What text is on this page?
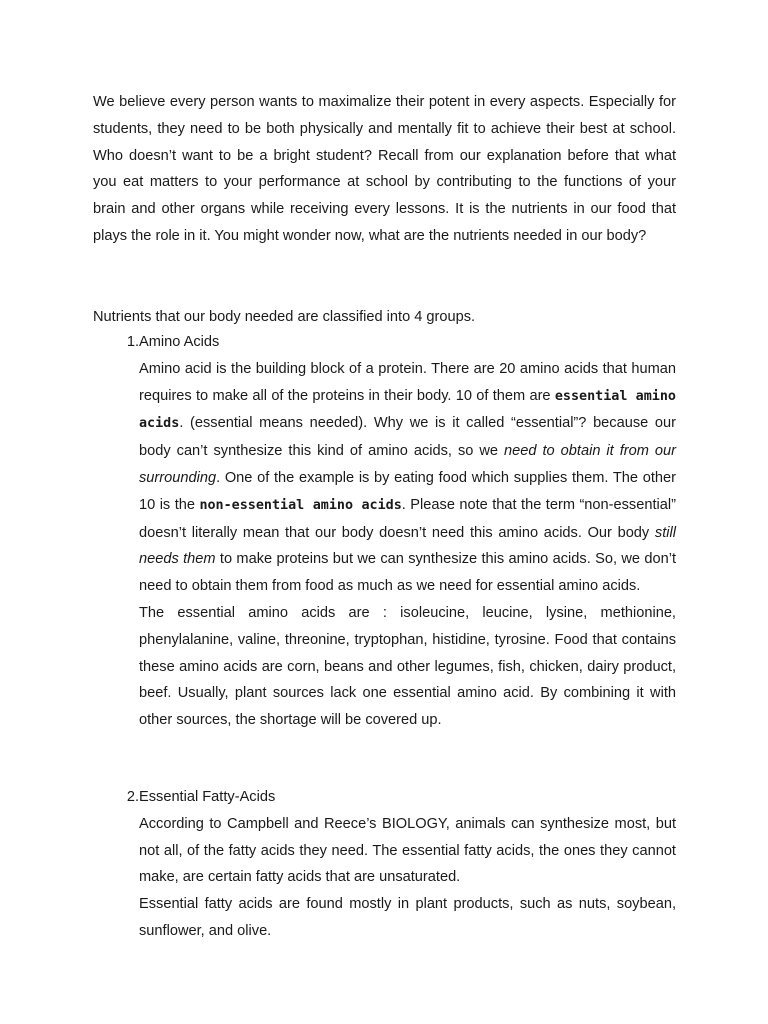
We believe every person wants to maximalize their potent in every aspects. Especially for students, they need to be both physically and mentally fit to achieve their best at school. Who doesn’t want to be a bright student? Recall from our explanation before that what you eat matters to your performance at school by contributing to the functions of your brain and other organs while receiving every lessons. It is the nutrients in our food that plays the role in it. You might wonder now, what are the nutrients needed in our body?

Nutrients that our body needed are classified into 4 groups.

1.Amino Acids

Amino acid is the building block of a protein. There are 20 amino acids that human requires to make all of the proteins in their body. 10 of them are essential amino acids. (essential means needed). Why we is it called “essential”? because our body can’t synthesize this kind of amino acids, so we need to obtain it from our surrounding. One of the example is by eating food which supplies them. The other 10 is the non-essential amino acids. Please note that the term “non-essential” doesn’t literally mean that our body doesn’t need this amino acids. Our body still needs them to make proteins but we can synthesize this amino acids. So, we don’t need to obtain them from food as much as we need for essential amino acids.

The essential amino acids are : isoleucine, leucine, lysine, methionine, phenylalanine, valine, threonine, tryptophan, histidine, tyrosine. Food that contains these amino acids are corn, beans and other legumes, fish, chicken, dairy product, beef. Usually, plant sources lack one essential amino acid. By combining it with other sources, the shortage will be covered up.

2.Essential Fatty-Acids

According to Campbell and Reece’s BIOLOGY, animals can synthesize most, but not all, of the fatty acids they need. The essential fatty acids, the ones they cannot make, are certain fatty acids that are unsaturated.

Essential fatty acids are found mostly in plant products, such as nuts, soybean, sunflower, and olive.
